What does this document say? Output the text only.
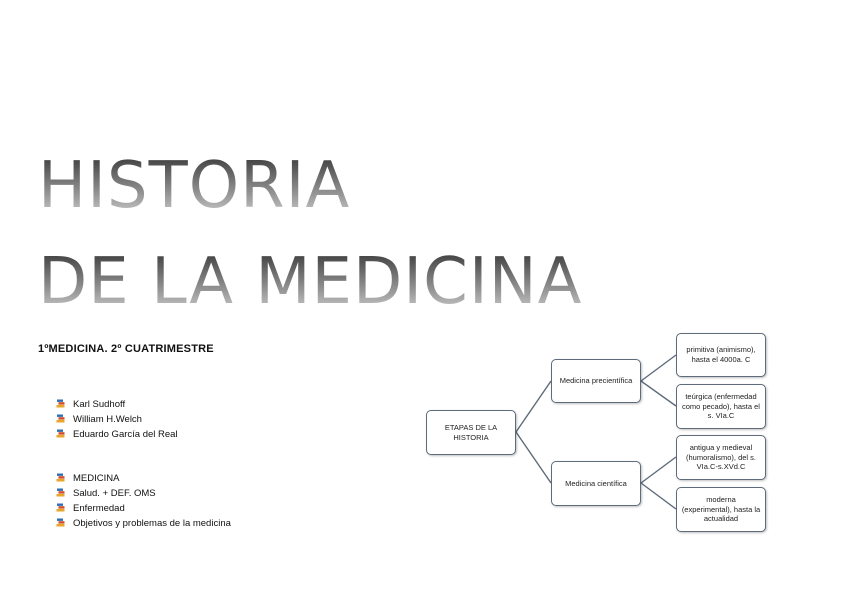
HISTORIA
DE LA MEDICINA
1ºMEDICINA. 2º CUATRIMESTRE
Karl Sudhoff
William H.Welch
Eduardo García del Real
MEDICINA
Salud. + DEF. OMS
Enfermedad
Objetivos y problemas de la medicina
ETAPAS DE LA HISTORIA
Medicina precientífica
Medicina científica
primitiva (animismo), hasta el 4000a. C
teúrgica (enfermedad como pecado), hasta el s. VIa.C
antigua y medieval (humoralismo), del s. VIa.C-s.XVd.C
moderna (experimental), hasta la actualidad
